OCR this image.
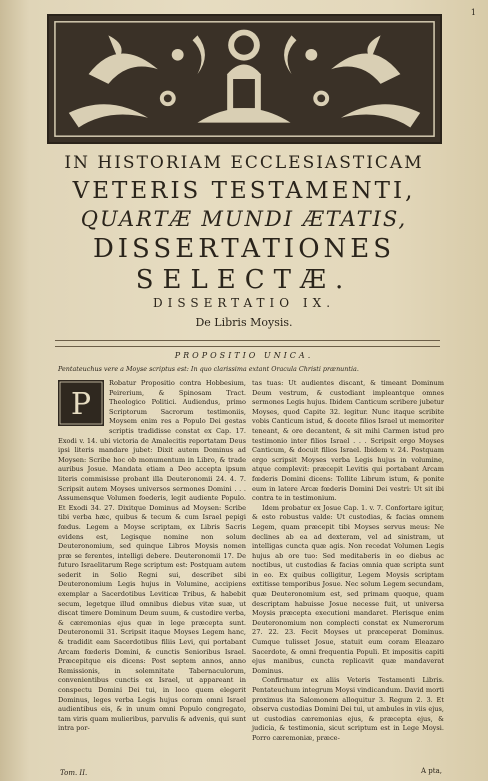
1
IN HISTORIAM ECCLESIASTICAM
VETERIS TESTAMENTI,
QUARTÆ MUNDI ÆTATIS,
DISSERTATIONES
SELECTÆ.
DISSERTATIO IX.
De Libris Moysis.
PROPOSITIO UNICA.
Pentateuchus vere a Moyse scriptus est: In quo clarissima extant Oracula Christi prænuntia.
P

Robatur Propositio contra Hobbesium, Peirerium, & Spinosam Tract. Theologico Politici. Audiendus, primo Scriptorum Sacrorum testimoniis, Moysem enim res a Populo Dei gestas scriptis tradidisse constat ex Cap. 17. Exodi v. 14. ubi victoria de Amalecitis reportatam Deus ipsi literis mandare jubet: Dixit autem Dominus ad Moysen: Scribe hoc ob monumentum in Libro, & trade auribus Josue. Mandata etiam a Deo accepta ipsum literis commisisse probant illa Deuteronomii 24. 4. 7. Scripsit autem Moyses universos sermones Domini . . . Assumensque Volumen foederis, legit audiente Populo. Et Exodi 34. 27. Dixitque Dominus ad Moysen: Scribe tibi verba hæc, quibus & tecum & cum Israel pepigi fœdus. Legem a Moyse scriptam, ex Libris Sacris evidens est, Legisque nomine non solum Deuteronomium, sed quinque Libros Moysis nomen præ se ferentes, intelligi debere. Deuteronomii 17. De futuro Israelitarum Rege scriptum est: Postquam autem sederit in Solio Regni sui, describet sibi Deuteronomium Legis hujus in Volumine, accipiens exemplar a Sacerdotibus Leviticæ Tribus, & habebit secum, legetque illud omnibus diebus vitæ suæ, ut discat timere Dominum Deum suum, & custodire verba, & cæremonias ejus quæ in lege præcepta sunt. Deuteronomii 31. Scripsit itaque Moyses Legem hanc, & tradidit eam Sacerdotibus filiis Levi, qui portabant Arcam fœderis Domini, & cunctis Senioribus Israel. Præcepitque eis dicens: Post septem annos, anno Remissionis, in solemnitate Tabernaculorum, convenientibus cunctis ex Israel, ut appareant in conspectu Domini Dei tui, in loco quem elegerit Dominus, leges verba Legis hujus coram omni Israel audientibus eis, & in unum omni Populo congregato, tam viris quam mulieribus, parvulis & advenis, qui sunt intra por-

tas tuas: Ut audientes discant, & timeant Dominum Deum vestrum, & custodiant impleantque omnes sermones Legis hujus. Ibidem Canticum scribere jubetur Moyses, quod Capite 32. legitur. Nunc itaque scribite vobis Canticum istud, & docete filios Israel ut memoriter teneant, & ore decantent, & sit mihi Carmen istud pro testimonio inter filios Israel . . . Scripsit ergo Moyses Canticum, & docuit filios Israel. Ibidem v. 24. Postquam ergo scripsit Moyses verba Legis hujus in volumine, atque complevit: præcepit Levitis qui portabant Arcam fœderis Domini dicens: Tollite Librum istum, & ponite eum in latere Arcæ fœderis Domini Dei vestri: Ut sit ibi contra te in testimonium.

Idem probatur ex Josue Cap. 1. v. 7. Confortare igitur, & esto robustus valde: Ut custodias, & facias omnem Legem, quam præcepit tibi Moyses servus meus: Ne declines ab ea ad dexteram, vel ad sinistram, ut intelligas cuncta quæ agis. Non recedat Volumen Legis hujus ab ore tuo: Sed meditaberis in eo diebus ac noctibus, ut custodias & facias omnia quæ scripta sunt in eo. Ex quibus colligitur, Legem Moysis scriptam extitisse temporibus Josue. Nec solum Legem secundam, quæ Deuteronomium est, sed primam quoque, quam descriptam habuisse Josue necesse fuit, ut universa Moysis præcepta executioni mandaret. Plerisque enim Deuteronomium non complecti constat ex Numerorum 27. 22. 23. Fecit Moyses ut præceperat Dominus. Cumque tulisset Josue, statuit eum coram Eleazaro Sacerdote, & omni frequentia Populi. Et impositis capiti ejus manibus, cuncta replicavit quæ mandaverat Dominus.

Confirmatur ex aliis Veteris Testamenti Libris. Pentateuchum integrum Moysi vindicandum. David morti proximus ita Salomonem alloquitur 3. Regum 2. 3. Et observa custodias Domini Dei tui, ut ambules in viis ejus, ut custodias cæremonias ejus, & præcepta ejus, & judicia, & testimonia, sicut scriptum est in Lege Moysi. Porro cæremoniæ, præce-

Tom. II.	A pta,
